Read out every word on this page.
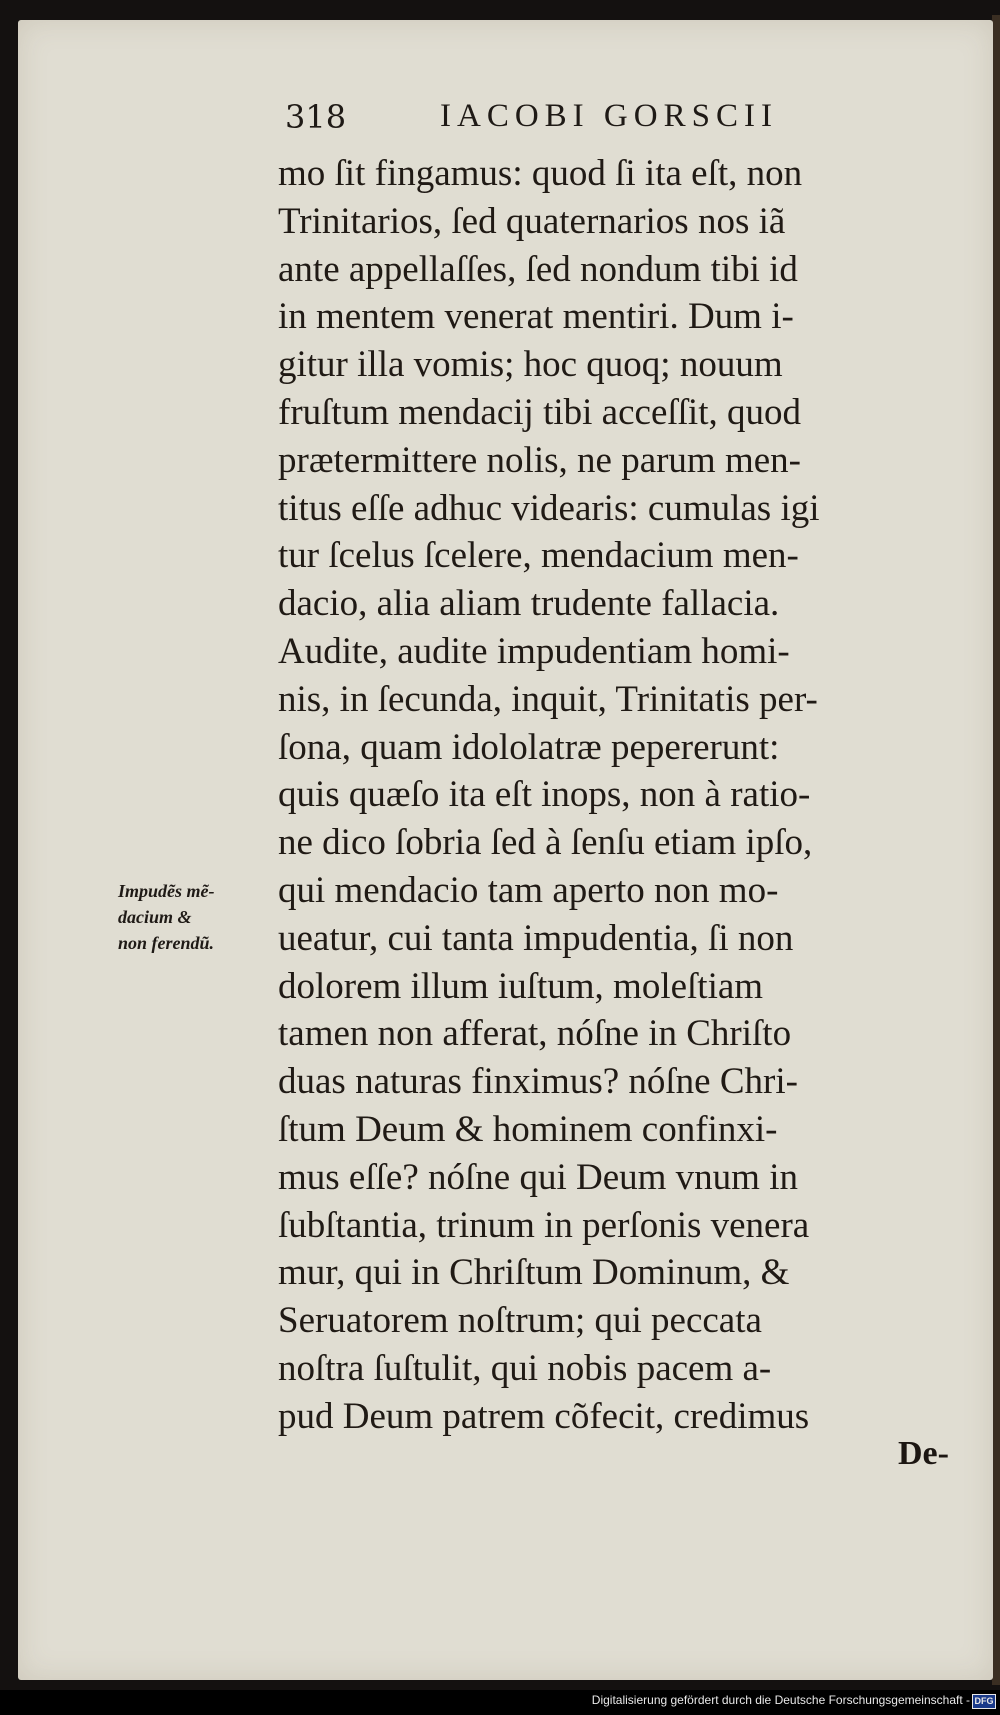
318	IACOBI GORSCII
Impudẽs mẽ-
dacium &
non ferendũ.
mo ſit fingamus: quod ſi ita eſt, non
Trinitarios, ſed quaternarios nos iã
ante appellaſſes, ſed nondum tibi id
in mentem venerat mentiri. Dum i-
gitur illa vomis; hoc quoq; nouum
fruſtum mendacij tibi acceſſit, quod
prætermittere nolis, ne parum men-
titus eſſe adhuc videaris: cumulas igi
tur ſcelus ſcelere, mendacium men-
dacio, alia aliam trudente fallacia.
Audite, audite impudentiam homi-
nis, in ſecunda, inquit, Trinitatis per-
ſona, quam idololatræ pepererunt:
quis quæſo ita eſt inops, non à ratio-
ne dico ſobria ſed à ſenſu etiam ipſo,
qui mendacio tam aperto non mo-
ueatur, cui tanta impudentia, ſi non
dolorem illum iuſtum, moleſtiam
tamen non afferat, nóſne in Chriſto
duas naturas finximus? nóſne Chri-
ſtum Deum & hominem confinxi-
mus eſſe? nóſne qui Deum vnum in
ſubſtantia, trinum in perſonis venera
mur, qui in Chriſtum Dominum, &
Seruatorem noſtrum; qui peccata
noſtra ſuſtulit, qui nobis pacem a-
pud Deum patrem cõfecit, credimus
De-
Digitalisierung gefördert durch die Deutsche Forschungsgemeinschaft - DFG
